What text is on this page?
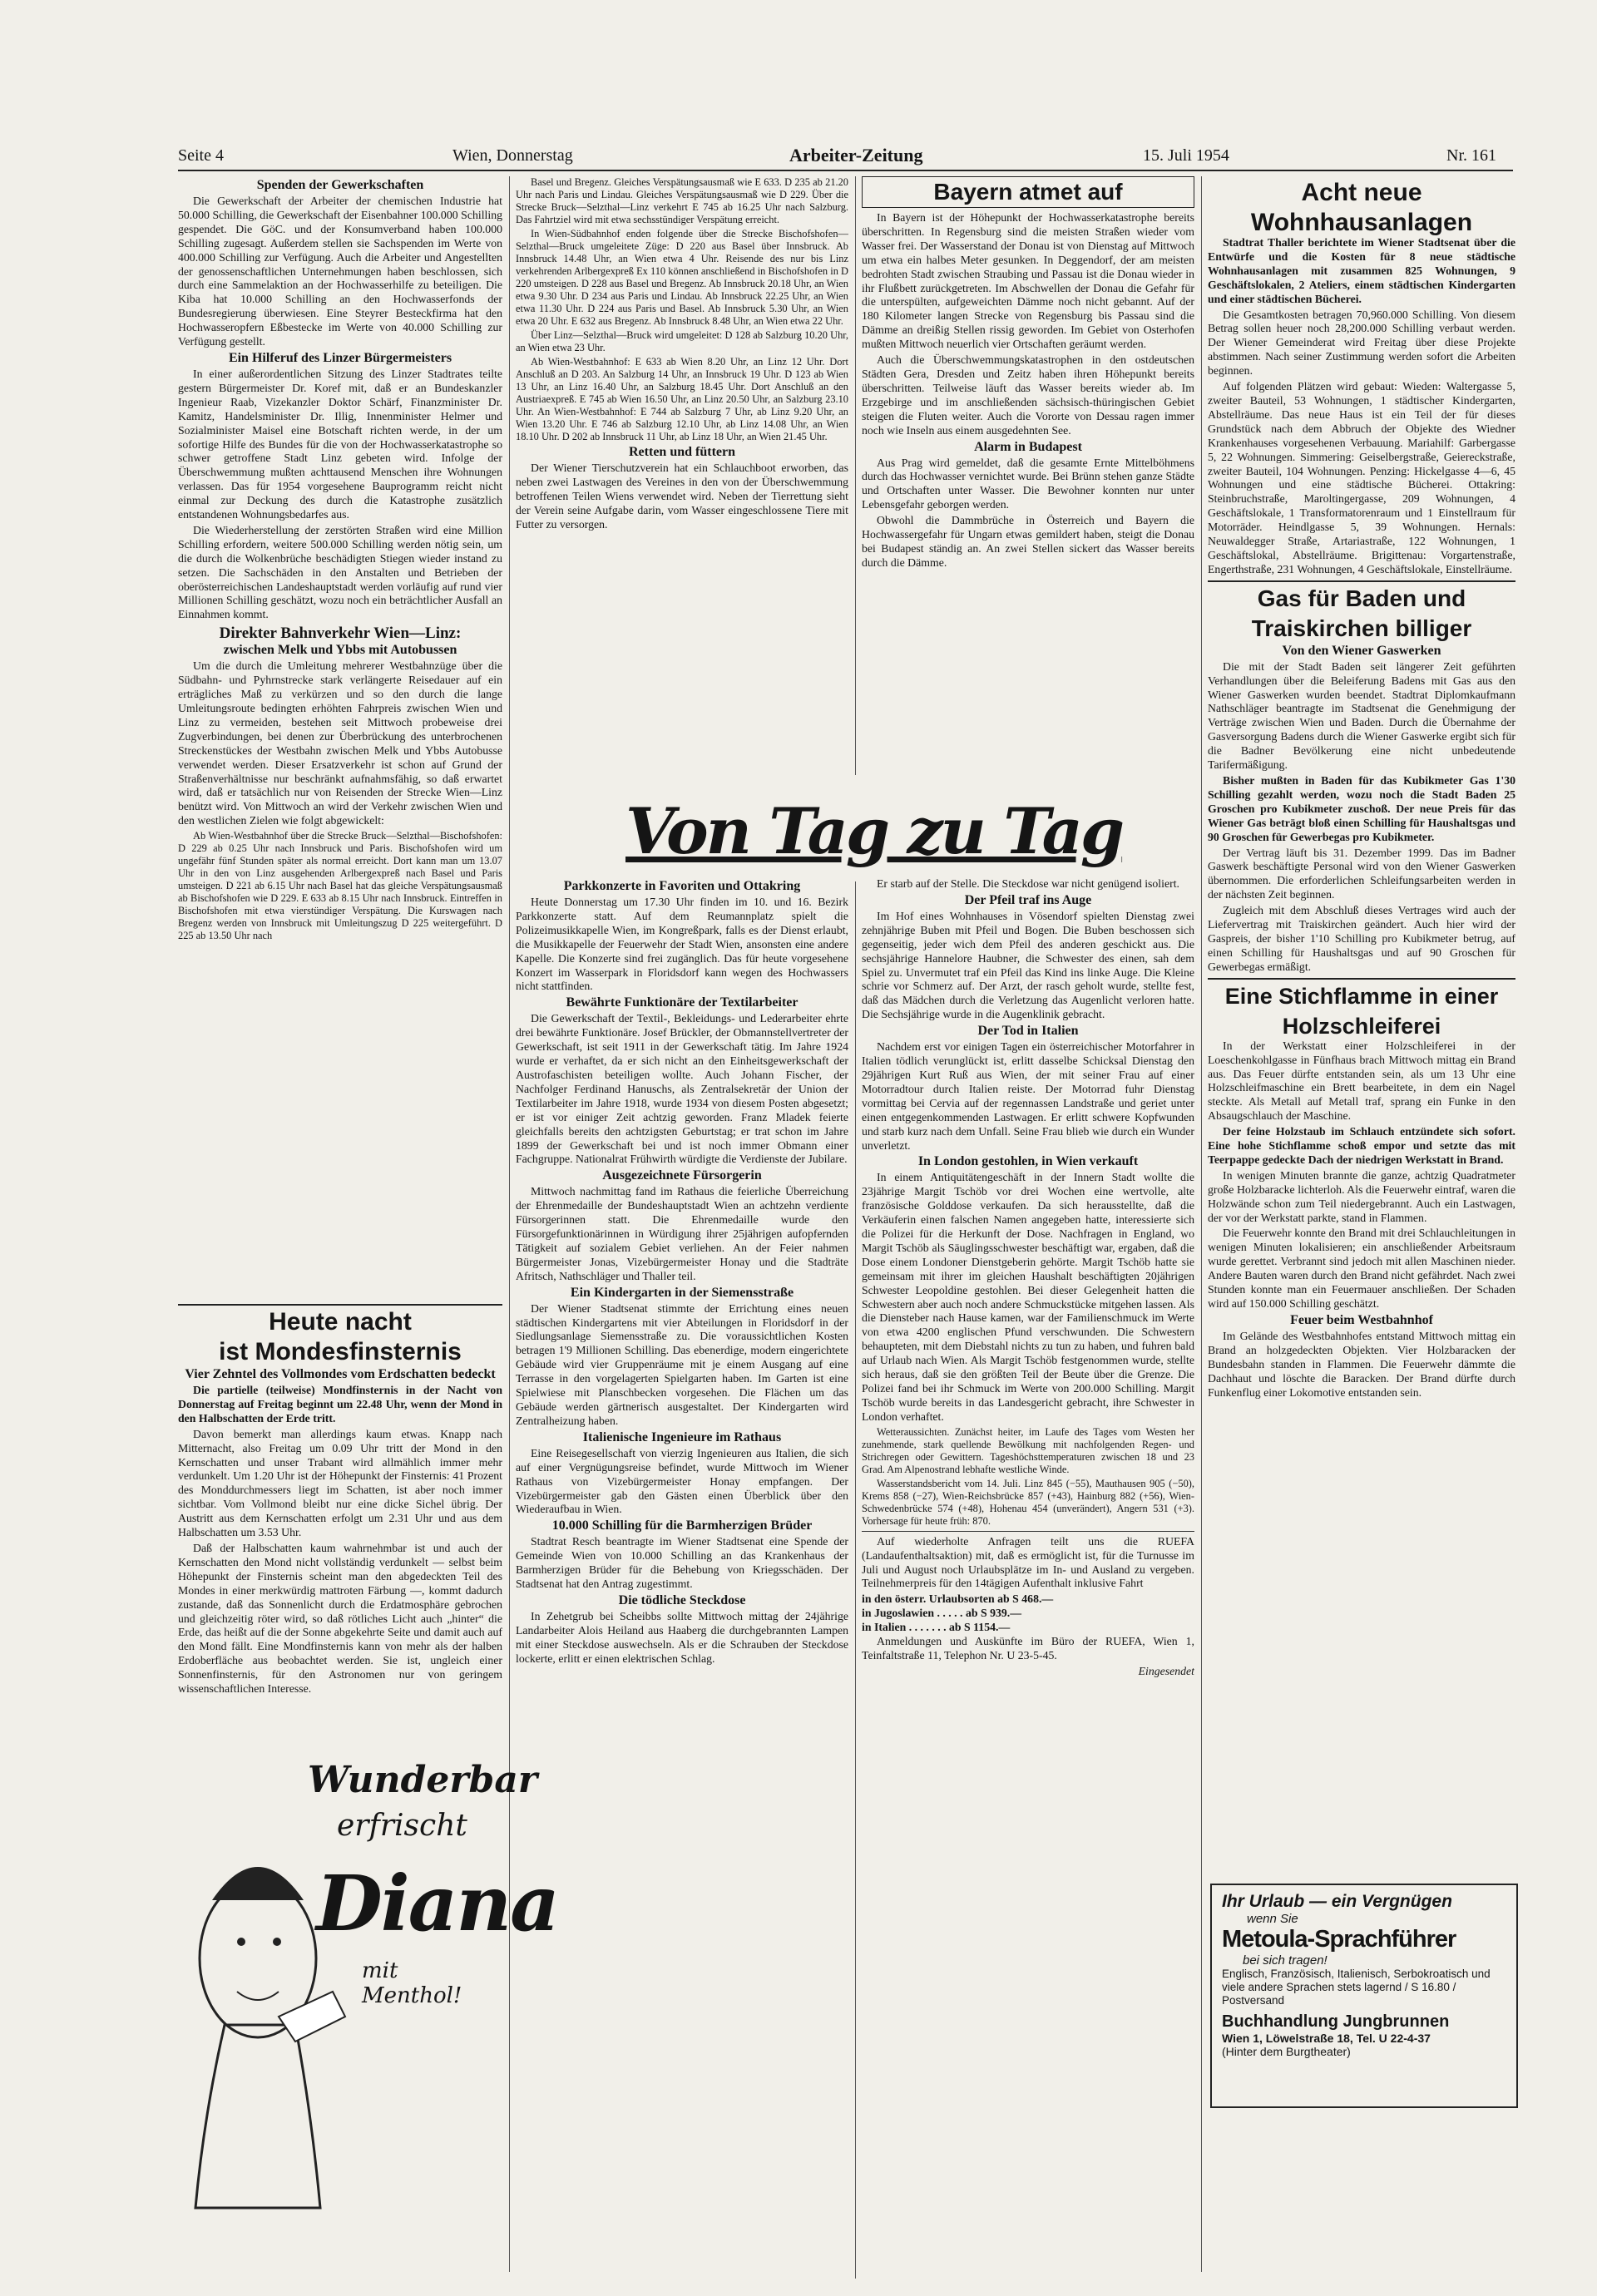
Seite 4	Wien, Donnerstag	Arbeiter-Zeitung	15. Juli 1954	Nr. 161
Spenden der Gewerkschaften

Die Gewerkschaft der Arbeiter der chemischen Industrie hat 50.000 Schilling, die Gewerkschaft der Eisenbahner 100.000 Schilling gespendet. Die GöC. und der Konsumverband haben 100.000 Schilling zugesagt. Außerdem stellen sie Sachspenden im Werte von 400.000 Schilling zur Verfügung. Auch die Arbeiter und Angestellten der genossenschaftlichen Unternehmungen haben beschlossen, sich durch eine Sammelaktion an der Hochwasserhilfe zu beteiligen. Die Kiba hat 10.000 Schilling an den Hochwasserfonds der Bundesregierung überwiesen. Eine Steyrer Besteckfirma hat den Hochwasseropfern Eßbestecke im Werte von 40.000 Schilling zur Verfügung gestellt.

Ein Hilferuf des Linzer Bürgermeisters

In einer außerordentlichen Sitzung des Linzer Stadtrates teilte gestern Bürgermeister Dr. Koref mit, daß er an Bundeskanzler Ingenieur Raab, Vizekanzler Doktor Schärf, Finanzminister Dr. Kamitz, Handelsminister Dr. Illig, Innenminister Helmer und Sozialminister Maisel eine Botschaft richten werde, in der um sofortige Hilfe des Bundes für die von der Hochwasserkatastrophe so schwer getroffene Stadt Linz gebeten wird. Infolge der Überschwemmung mußten achttausend Menschen ihre Wohnungen verlassen. Das für 1954 vorgesehene Bauprogramm reicht nicht einmal zur Deckung des durch die Katastrophe zusätzlich entstandenen Wohnungsbedarfes aus.

Die Wiederherstellung der zerstörten Straßen wird eine Million Schilling erfordern, weitere 500.000 Schilling werden nötig sein, um die durch die Wolkenbrüche beschädigten Stiegen wieder instand zu setzen. Die Sachschäden in den Anstalten und Betrieben der oberösterreichischen Landeshauptstadt werden vorläufig auf rund vier Millionen Schilling geschätzt, wozu noch ein beträchtlicher Ausfall an Einnahmen kommt.

Direkter Bahnverkehr Wien—Linz:
zwischen Melk und Ybbs mit Autobussen

Um die durch die Umleitung mehrerer Westbahnzüge über die Südbahn- und Pyhrnstrecke stark verlängerte Reisedauer auf ein erträgliches Maß zu verkürzen und so den durch die lange Umleitungsroute bedingten erhöhten Fahrpreis zwischen Wien und Linz zu vermeiden, bestehen seit Mittwoch probeweise drei Zugverbindungen, bei denen zur Überbrückung des unterbrochenen Streckenstückes der Westbahn zwischen Melk und Ybbs Autobusse verwendet werden. Dieser Ersatzverkehr ist schon auf Grund der Straßenverhältnisse nur beschränkt aufnahmsfähig, so daß erwartet wird, daß er tatsächlich nur von Reisenden der Strecke Wien—Linz benützt wird. Von Mittwoch an wird der Verkehr zwischen Wien und den westlichen Zielen wie folgt abgewickelt:

Ab Wien-Westbahnhof über die Strecke Bruck—Selzthal—Bischofshofen: D 229 ab 0.25 Uhr nach Innsbruck und Paris. Bischofshofen wird um ungefähr fünf Stunden später als normal erreicht. Dort kann man um 13.07 Uhr in den von Linz ausgehenden Arlbergexpreß nach Basel und Paris umsteigen. D 221 ab 6.15 Uhr nach Basel hat das gleiche Verspätungsausmaß ab Bischofshofen wie D 229. E 633 ab 8.15 Uhr nach Innsbruck. Eintreffen in Bischofshofen mit etwa vierstündiger Verspätung. Die Kurswagen nach Bregenz werden von Innsbruck mit Umleitungszug D 225 weitergeführt. D 225 ab 13.50 Uhr nach

Heute nacht
ist Mondesfinsternis
Vier Zehntel des Vollmondes vom Erdschatten bedeckt

Die partielle (teilweise) Mondfinsternis in der Nacht von Donnerstag auf Freitag beginnt um 22.48 Uhr, wenn der Mond in den Halbschatten der Erde tritt.

Davon bemerkt man allerdings kaum etwas. Knapp nach Mitternacht, also Freitag um 0.09 Uhr tritt der Mond in den Kernschatten und unser Trabant wird allmählich immer mehr verdunkelt. Um 1.20 Uhr ist der Höhepunkt der Finsternis: 41 Prozent des Monddurchmessers liegt im Schatten, ist aber noch immer sichtbar. Vom Vollmond bleibt nur eine dicke Sichel übrig. Der Austritt aus dem Kernschatten erfolgt um 2.31 Uhr und aus dem Halbschatten um 3.53 Uhr.

Daß der Halbschatten kaum wahrnehmbar ist und auch der Kernschatten den Mond nicht vollständig verdunkelt — selbst beim Höhepunkt der Finsternis scheint man den abgedeckten Teil des Mondes in einer merkwürdig mattroten Färbung —, kommt dadurch zustande, daß das Sonnenlicht durch die Erdatmosphäre gebrochen und gleichzeitig röter wird, so daß rötliches Licht auch „hinter“ die Erde, das heißt auf die der Sonne abgekehrte Seite und damit auch auf den Mond fällt. Eine Mondfinsternis kann von mehr als der halben Erdoberfläche aus beobachtet werden. Sie ist, ungleich einer Sonnenfinsternis, für den Astronomen nur von geringem wissenschaftlichen Interesse.

Wunderbar
erfrischt
Diana
mit Menthol!

Basel und Bregenz. Gleiches Verspätungsausmaß wie E 633. D 235 ab 21.20 Uhr nach Paris und Lindau. Gleiches Verspätungsausmaß wie D 229. Über die Strecke Bruck—Selzthal—Linz verkehrt E 745 ab 16.25 Uhr nach Salzburg. Das Fahrtziel wird mit etwa sechsstündiger Verspätung erreicht.

In Wien-Südbahnhof enden folgende über die Strecke Bischofshofen—Selzthal—Bruck umgeleitete Züge: D 220 aus Basel über Innsbruck. Ab Innsbruck 14.48 Uhr, an Wien etwa 4 Uhr. Reisende des nur bis Linz verkehrenden Arlbergexpreß Ex 110 können anschließend in Bischofshofen in D 220 umsteigen. D 228 aus Basel und Bregenz. Ab Innsbruck 20.18 Uhr, an Wien etwa 9.30 Uhr. D 234 aus Paris und Lindau. Ab Innsbruck 22.25 Uhr, an Wien etwa 11.30 Uhr. D 224 aus Paris und Basel. Ab Innsbruck 5.30 Uhr, an Wien etwa 20 Uhr. E 632 aus Bregenz. Ab Innsbruck 8.48 Uhr, an Wien etwa 22 Uhr.

Über Linz—Selzthal—Bruck wird umgeleitet: D 128 ab Salzburg 10.20 Uhr, an Wien etwa 23 Uhr.

Ab Wien-Westbahnhof: E 633 ab Wien 8.20 Uhr, an Linz 12 Uhr. Dort Anschluß an D 203. An Salzburg 14 Uhr, an Innsbruck 19 Uhr. D 123 ab Wien 13 Uhr, an Linz 16.40 Uhr, an Salzburg 18.45 Uhr. Dort Anschluß an den Austriaexpreß. E 745 ab Wien 16.50 Uhr, an Linz 20.50 Uhr, an Salzburg 23.10 Uhr. An Wien-Westbahnhof: E 744 ab Salzburg 7 Uhr, ab Linz 9.20 Uhr, an Wien 13.20 Uhr. E 746 ab Salzburg 12.10 Uhr, ab Linz 14.08 Uhr, an Wien 18.10 Uhr. D 202 ab Innsbruck 11 Uhr, ab Linz 18 Uhr, an Wien 21.45 Uhr.

Retten und füttern

Der Wiener Tierschutzverein hat ein Schlauchboot erworben, das neben zwei Lastwagen des Vereines in den von der Überschwemmung betroffenen Teilen Wiens verwendet wird. Neben der Tierrettung sieht der Verein seine Aufgabe darin, vom Wasser eingeschlossene Tiere mit Futter zu versorgen.

Bayern atmet auf

In Bayern ist der Höhepunkt der Hochwasserkatastrophe bereits überschritten. In Regensburg sind die meisten Straßen wieder vom Wasser frei. Der Wasserstand der Donau ist von Dienstag auf Mittwoch um etwa ein halbes Meter gesunken. In Deggendorf, der am meisten bedrohten Stadt zwischen Straubing und Passau ist die Donau wieder in ihr Flußbett zurückgetreten. Im Abschwellen der Donau die Gefahr für die unterspülten, aufgeweichten Dämme noch nicht gebannt. Auf der 180 Kilometer langen Strecke von Regensburg bis Passau sind die Dämme an dreißig Stellen rissig geworden. Im Gebiet von Osterhofen mußten Mittwoch neuerlich vier Ortschaften geräumt werden.

Auch die Überschwemmungskatastrophen in den ostdeutschen Städten Gera, Dresden und Zeitz haben ihren Höhepunkt bereits überschritten. Teilweise läuft das Wasser bereits wieder ab. Im Erzgebirge und im anschließenden sächsisch-thüringischen Gebiet steigen die Fluten weiter. Auch die Vororte von Dessau ragen immer noch wie Inseln aus einem ausgedehnten See.

Alarm in Budapest

Aus Prag wird gemeldet, daß die gesamte Ernte Mittelböhmens durch das Hochwasser vernichtet wurde. Bei Brünn stehen ganze Städte und Ortschaften unter Wasser. Die Bewohner konnten nur unter Lebensgefahr geborgen werden.

Obwohl die Dammbrüche in Österreich und Bayern die Hochwassergefahr für Ungarn etwas gemildert haben, steigt die Donau bei Budapest ständig an. An zwei Stellen sickert das Wasser bereits durch die Dämme.

Von Tag zu Tag
Parkkonzerte in Favoriten und Ottakring

Heute Donnerstag um 17.30 Uhr finden im 10. und 16. Bezirk Parkkonzerte statt. Auf dem Reumannplatz spielt die Polizeimusikkapelle Wien, im Kongreßpark, falls es der Dienst erlaubt, die Musikkapelle der Feuerwehr der Stadt Wien, ansonsten eine andere Kapelle. Die Konzerte sind frei zugänglich. Das für heute vorgesehene Konzert im Wasserpark in Floridsdorf kann wegen des Hochwassers nicht stattfinden.

Bewährte Funktionäre der Textilarbeiter

Die Gewerkschaft der Textil-, Bekleidungs- und Lederarbeiter ehrte drei bewährte Funktionäre. Josef Brückler, der Obmannstellvertreter der Gewerkschaft, ist seit 1911 in der Gewerkschaft tätig. Im Jahre 1924 wurde er verhaftet, da er sich nicht an den Einheitsgewerkschaft der Austrofaschisten beteiligen wollte. Auch Johann Fischer, der Nachfolger Ferdinand Hanuschs, als Zentralsekretär der Union der Textilarbeiter im Jahre 1918, wurde 1934 von diesem Posten abgesetzt; er ist vor einiger Zeit achtzig geworden. Franz Mladek feierte gleichfalls bereits den achtzigsten Geburtstag; er trat schon im Jahre 1899 der Gewerkschaft bei und ist noch immer Obmann einer Fachgruppe. Nationalrat Frühwirth würdigte die Verdienste der Jubilare.

Ausgezeichnete Fürsorgerin

Mittwoch nachmittag fand im Rathaus die feierliche Überreichung der Ehrenmedaille der Bundeshauptstadt Wien an achtzehn verdiente Fürsorgerinnen statt. Die Ehrenmedaille wurde den Fürsorgefunktionärinnen in Würdigung ihrer 25jährigen aufopfernden Tätigkeit auf sozialem Gebiet verliehen. An der Feier nahmen Bürgermeister Jonas, Vizebürgermeister Honay und die Stadträte Afritsch, Nathschläger und Thaller teil.

Ein Kindergarten in der Siemensstraße

Der Wiener Stadtsenat stimmte der Errichtung eines neuen städtischen Kindergartens mit vier Abteilungen in Floridsdorf in der Siedlungsanlage Siemensstraße zu. Die voraussichtlichen Kosten betragen 1'9 Millionen Schilling. Das ebenerdige, modern eingerichtete Gebäude wird vier Gruppenräume mit je einem Ausgang auf eine Terrasse in den vorgelagerten Spielgarten haben. Im Garten ist eine Spielwiese mit Planschbecken vorgesehen. Die Flächen um das Gebäude werden gärtnerisch ausgestaltet. Der Kindergarten wird Zentralheizung haben.

Italienische Ingenieure im Rathaus

Eine Reisegesellschaft von vierzig Ingenieuren aus Italien, die sich auf einer Vergnügungsreise befindet, wurde Mittwoch im Wiener Rathaus von Vizebürgermeister Honay empfangen. Der Vizebürgermeister gab den Gästen einen Überblick über den Wiederaufbau in Wien.

10.000 Schilling für die Barmherzigen Brüder

Stadtrat Resch beantragte im Wiener Stadtsenat eine Spende der Gemeinde Wien von 10.000 Schilling an das Krankenhaus der Barmherzigen Brüder für die Behebung von Kriegsschäden. Der Stadtsenat hat den Antrag zugestimmt.

Die tödliche Steckdose

In Zehetgrub bei Scheibbs sollte Mittwoch mittag der 24jährige Landarbeiter Alois Heiland aus Haaberg die durchgebrannten Lampen mit einer Steckdose auswechseln. Als er die Schrauben der Steckdose lockerte, erlitt er einen elektrischen Schlag.

Er starb auf der Stelle. Die Steckdose war nicht genügend isoliert.

Der Pfeil traf ins Auge

Im Hof eines Wohnhauses in Vösendorf spielten Dienstag zwei zehnjährige Buben mit Pfeil und Bogen. Die Buben beschossen sich gegenseitig, jeder wich dem Pfeil des anderen geschickt aus. Die sechsjährige Hannelore Haubner, die Schwester des einen, sah dem Spiel zu. Unvermutet traf ein Pfeil das Kind ins linke Auge. Die Kleine schrie vor Schmerz auf. Der Arzt, der rasch geholt wurde, stellte fest, daß das Mädchen durch die Verletzung das Augenlicht verloren hatte. Die Sechsjährige wurde in die Augenklinik gebracht.

Der Tod in Italien

Nachdem erst vor einigen Tagen ein österreichischer Motorfahrer in Italien tödlich verunglückt ist, erlitt dasselbe Schicksal Dienstag den 29jährigen Kurt Ruß aus Wien, der mit seiner Frau auf einer Motorradtour durch Italien reiste. Der Motorrad fuhr Dienstag vormittag bei Cervia auf der regennassen Landstraße und geriet unter einen entgegenkommenden Lastwagen. Er erlitt schwere Kopfwunden und starb kurz nach dem Unfall. Seine Frau blieb wie durch ein Wunder unverletzt.

In London gestohlen, in Wien verkauft

In einem Antiquitätengeschäft in der Innern Stadt wollte die 23jährige Margit Tschöb vor drei Wochen eine wertvolle, alte französische Golddose verkaufen. Da sich herausstellte, daß die Verkäuferin einen falschen Namen angegeben hatte, interessierte sich die Polizei für die Herkunft der Dose. Nachfragen in England, wo Margit Tschöb als Säuglingsschwester beschäftigt war, ergaben, daß die Dose einem Londoner Dienstgeberin gehörte. Margit Tschöb hatte sie gemeinsam mit ihrer im gleichen Haushalt beschäftigten 20jährigen Schwester Leopoldine gestohlen. Bei dieser Gelegenheit hatten die Schwestern aber auch noch andere Schmuckstücke mitgehen lassen. Als die Diensteber nach Hause kamen, war der Familienschmuck im Werte von etwa 4200 englischen Pfund verschwunden. Die Schwestern behaupteten, mit dem Diebstahl nichts zu tun zu haben, und fuhren bald auf Urlaub nach Wien. Als Margit Tschöb festgenommen wurde, stellte sich heraus, daß sie den größten Teil der Beute über die Grenze. Die Polizei fand bei ihr Schmuck im Werte von 200.000 Schilling. Margit Tschöb wurde bereits in das Landesgericht gebracht, ihre Schwester in London verhaftet.

Wetteraussichten. Zunächst heiter, im Laufe des Tages vom Westen her zunehmende, stark quellende Bewölkung mit nachfolgenden Regen- und Strichregen oder Gewittern. Tageshöchsttemperaturen zwischen 18 und 23 Grad. Am Alpenostrand lebhafte westliche Winde.

Wasserstandsbericht vom 14. Juli. Linz 845 (−55), Mauthausen 905 (−50), Krems 858 (−27), Wien-Reichsbrücke 857 (+43), Hainburg 882 (+56), Wien-Schwedenbrücke 574 (+48), Hohenau 454 (unverändert), Angern 531 (+3). Vorhersage für heute früh: 870.

Auf wiederholte Anfragen teilt uns die RUEFA (Landaufenthaltsaktion) mit, daß es ermöglicht ist, für die Turnusse im Juli und August noch Urlaubsplätze im In- und Ausland zu vergeben. Teilnehmerpreis für den 14tägigen Aufenthalt inklusive Fahrt

in den österr. Urlaubsorten ab S 468.—
in Jugoslawien . . . . . ab S 939.—
in Italien . . . . . . . ab S 1154.—

Anmeldungen und Auskünfte im Büro der RUEFA, Wien 1, Teinfaltstraße 11, Telephon Nr. U 23-5-45.

Eingesendet
Acht neue
Wohnhausanlagen

Stadtrat Thaller berichtete im Wiener Stadtsenat über die Entwürfe und die Kosten für 8 neue städtische Wohnhausanlagen mit zusammen 825 Wohnungen, 9 Geschäftslokalen, 2 Ateliers, einem städtischen Kindergarten und einer städtischen Bücherei.

Die Gesamtkosten betragen 70,960.000 Schilling. Von diesem Betrag sollen heuer noch 28,200.000 Schilling verbaut werden. Der Wiener Gemeinderat wird Freitag über diese Projekte abstimmen. Nach seiner Zustimmung werden sofort die Arbeiten beginnen.

Auf folgenden Plätzen wird gebaut: Wieden: Waltergasse 5, zweiter Bauteil, 53 Wohnungen, 1 städtischer Kindergarten, Abstellräume. Das neue Haus ist ein Teil der für dieses Grundstück nach dem Abbruch der Objekte des Wiedner Krankenhauses vorgesehenen Verbauung. Mariahilf: Garbergasse 5, 22 Wohnungen. Simmering: Geiselbergstraße, Geiereckstraße, zweiter Bauteil, 104 Wohnungen. Penzing: Hickelgasse 4—6, 45 Wohnungen und eine städtische Bücherei. Ottakring: Steinbruchstraße, Maroltingergasse, 209 Wohnungen, 4 Geschäftslokale, 1 Transformatorenraum und 1 Einstellraum für Motorräder. Heindlgasse 5, 39 Wohnungen. Hernals: Neuwaldegger Straße, Artariastraße, 122 Wohnungen, 1 Geschäftslokal, Abstellräume. Brigittenau: Vorgartenstraße, Engerthstraße, 231 Wohnungen, 4 Geschäftslokale, Einstellräume.

Gas für Baden und
Traiskirchen billiger
Von den Wiener Gaswerken

Die mit der Stadt Baden seit längerer Zeit geführten Verhandlungen über die Beleiferung Badens mit Gas aus den Wiener Gaswerken wurden beendet. Stadtrat Diplomkaufmann Nathschläger beantragte im Stadtsenat die Genehmigung der Verträge zwischen Wien und Baden. Durch die Übernahme der Gasversorgung Badens durch die Wiener Gaswerke ergibt sich für die Badner Bevölkerung eine nicht unbedeutende Tarifermäßigung.

Bisher mußten in Baden für das Kubikmeter Gas 1'30 Schilling gezahlt werden, wozu noch die Stadt Baden 25 Groschen pro Kubikmeter zuschoß. Der neue Preis für das Wiener Gas beträgt bloß einen Schilling für Haushaltsgas und 90 Groschen für Gewerbegas pro Kubikmeter.

Der Vertrag läuft bis 31. Dezember 1999. Das im Badner Gaswerk beschäftigte Personal wird von den Wiener Gaswerken übernommen. Die erforderlichen Schleifungsarbeiten werden in der nächsten Zeit beginnen.

Zugleich mit dem Abschluß dieses Vertrages wird auch der Liefervertrag mit Traiskirchen geändert. Auch hier wird der Gaspreis, der bisher 1'10 Schilling pro Kubikmeter betrug, auf einen Schilling für Haushaltsgas und auf 90 Groschen für Gewerbegas ermäßigt.

Eine Stichflamme in einer
Holzschleiferei

In der Werkstatt einer Holzschleiferei in der Loeschenkohlgasse in Fünfhaus brach Mittwoch mittag ein Brand aus. Das Feuer dürfte entstanden sein, als um 13 Uhr eine Holzschleifmaschine ein Brett bearbeitete, in dem ein Nagel steckte. Als Metall auf Metall traf, sprang ein Funke in den Absaugschlauch der Maschine.

Der feine Holzstaub im Schlauch entzündete sich sofort. Eine hohe Stichflamme schoß empor und setzte das mit Teerpappe gedeckte Dach der niedrigen Werkstatt in Brand.

In wenigen Minuten brannte die ganze, achtzig Quadratmeter große Holzbaracke lichterloh. Als die Feuerwehr eintraf, waren die Holzwände schon zum Teil niedergebrannt. Auch ein Lastwagen, der vor der Werkstatt parkte, stand in Flammen.

Die Feuerwehr konnte den Brand mit drei Schlauchleitungen in wenigen Minuten lokalisieren; ein anschließender Arbeitsraum wurde gerettet. Verbrannt sind jedoch mit allen Maschinen nieder. Andere Bauten waren durch den Brand nicht gefährdet. Nach zwei Stunden konnte man ein Feuermauer anschließen. Der Schaden wird auf 150.000 Schilling geschätzt.

Feuer beim Westbahnhof

Im Gelände des Westbahnhofes entstand Mittwoch mittag ein Brand an holzgedeckten Objekten. Vier Holzbaracken der Bundesbahn standen in Flammen. Die Feuerwehr dämmte die Dachhaut und löschte die Baracken. Der Brand dürfte durch Funkenflug einer Lokomotive entstanden sein.

Ihr Urlaub — ein Vergnügen
wenn Sie
Metoula-Sprachführer
bei sich tragen!
Englisch, Französisch, Italienisch, Serbokroatisch und viele andere Sprachen stets lagernd / S 16.80 / Postversand
Buchhandlung Jungbrunnen
Wien 1, Löwelstraße 18, Tel. U 22-4-37
(Hinter dem Burgtheater)
